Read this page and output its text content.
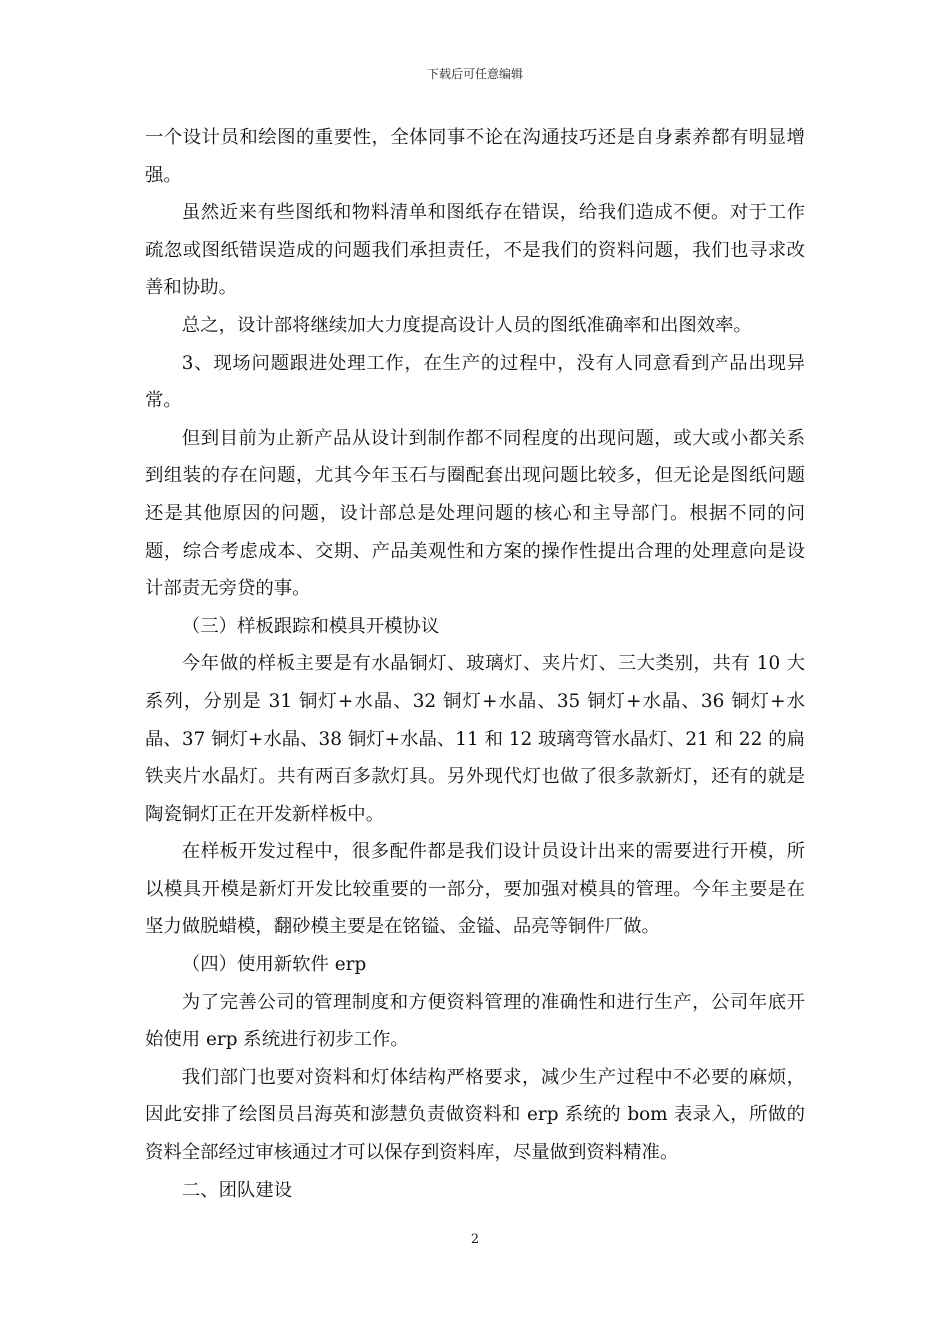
下载后可任意编辑

一个设计员和绘图的重要性，全体同事不论在沟通技巧还是自身素养都有明显增强。

虽然近来有些图纸和物料清单和图纸存在错误，给我们造成不便。对于工作疏忽或图纸错误造成的问题我们承担责任，不是我们的资料问题，我们也寻求改善和协助。

总之，设计部将继续加大力度提高设计人员的图纸准确率和出图效率。

3、现场问题跟进处理工作，在生产的过程中，没有人同意看到产品出现异常。

但到目前为止新产品从设计到制作都不同程度的出现问题，或大或小都关系到组装的存在问题，尤其今年玉石与圈配套出现问题比较多，但无论是图纸问题还是其他原因的问题，设计部总是处理问题的核心和主导部门。根据不同的问题，综合考虑成本、交期、产品美观性和方案的操作性提出合理的处理意向是设计部责无旁贷的事。

（三）样板跟踪和模具开模协议

今年做的样板主要是有水晶铜灯、玻璃灯、夹片灯、三大类别，共有 10 大系列，分别是 31 铜灯+水晶、32 铜灯+水晶、35 铜灯+水晶、36 铜灯+水晶、37 铜灯+水晶、38 铜灯+水晶、11 和 12 玻璃弯管水晶灯、21 和 22 的扁铁夹片水晶灯。共有两百多款灯具。另外现代灯也做了很多款新灯，还有的就是陶瓷铜灯正在开发新样板中。

在样板开发过程中，很多配件都是我们设计员设计出来的需要进行开模，所以模具开模是新灯开发比较重要的一部分，要加强对模具的管理。今年主要是在坚力做脱蜡模，翻砂模主要是在铭镒、金镒、品亮等铜件厂做。

（四）使用新软件 erp

为了完善公司的管理制度和方便资料管理的准确性和进行生产，公司年底开始使用 erp 系统进行初步工作。

我们部门也要对资料和灯体结构严格要求，减少生产过程中不必要的麻烦，因此安排了绘图员吕海英和澎慧负责做资料和 erp 系统的 bom 表录入，所做的资料全部经过审核通过才可以保存到资料库，尽量做到资料精准。

二、团队建设

2
